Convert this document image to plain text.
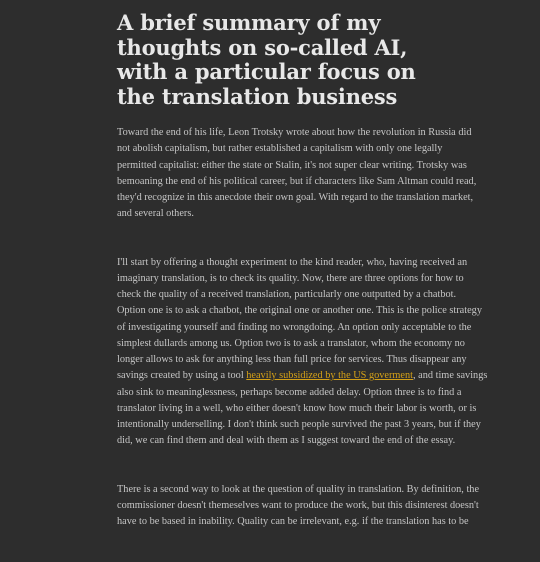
A brief summary of my
thoughts on so-called AI,
with a particular focus on
the translation business

Toward the end of his life, Leon Trotsky wrote about how the revolution in Russia did
not abolish capitalism, but rather established a capitalism with only one legally
permitted capitalist: either the state or Stalin, it's not super clear writing. Trotsky was
bemoaning the end of his political career, but if characters like Sam Altman could read,
they'd recognize in this anecdote their own goal. With regard to the translation market,
and several others.

I'll start by offering a thought experiment to the kind reader, who, having received an
imaginary translation, is to check its quality. Now, there are three options for how to
check the quality of a received translation, particularly one outputted by a chatbot.
Option one is to ask a chatbot, the original one or another one. This is the police strategy
of investigating yourself and finding no wrongdoing. An option only acceptable to the
simplest dullards among us. Option two is to ask a translator, whom the economy no
longer allows to ask for anything less than full price for services. Thus disappear any
savings created by using a tool heavily subsidized by the US goverment, and time savings
also sink to meaninglessness, perhaps become added delay. Option three is to find a
translator living in a well, who either doesn't know how much their labor is worth, or is
intentionally underselling. I don't think such people survived the past 3 years, but if they
did, we can find them and deal with them as I suggest toward the end of the essay.

There is a second way to look at the question of quality in translation. By definition, the
commissioner doesn't themeselves want to produce the work, but this disinterest doesn't
have to be based in inability. Quality can be irrelevant, e.g. if the translation has to be
